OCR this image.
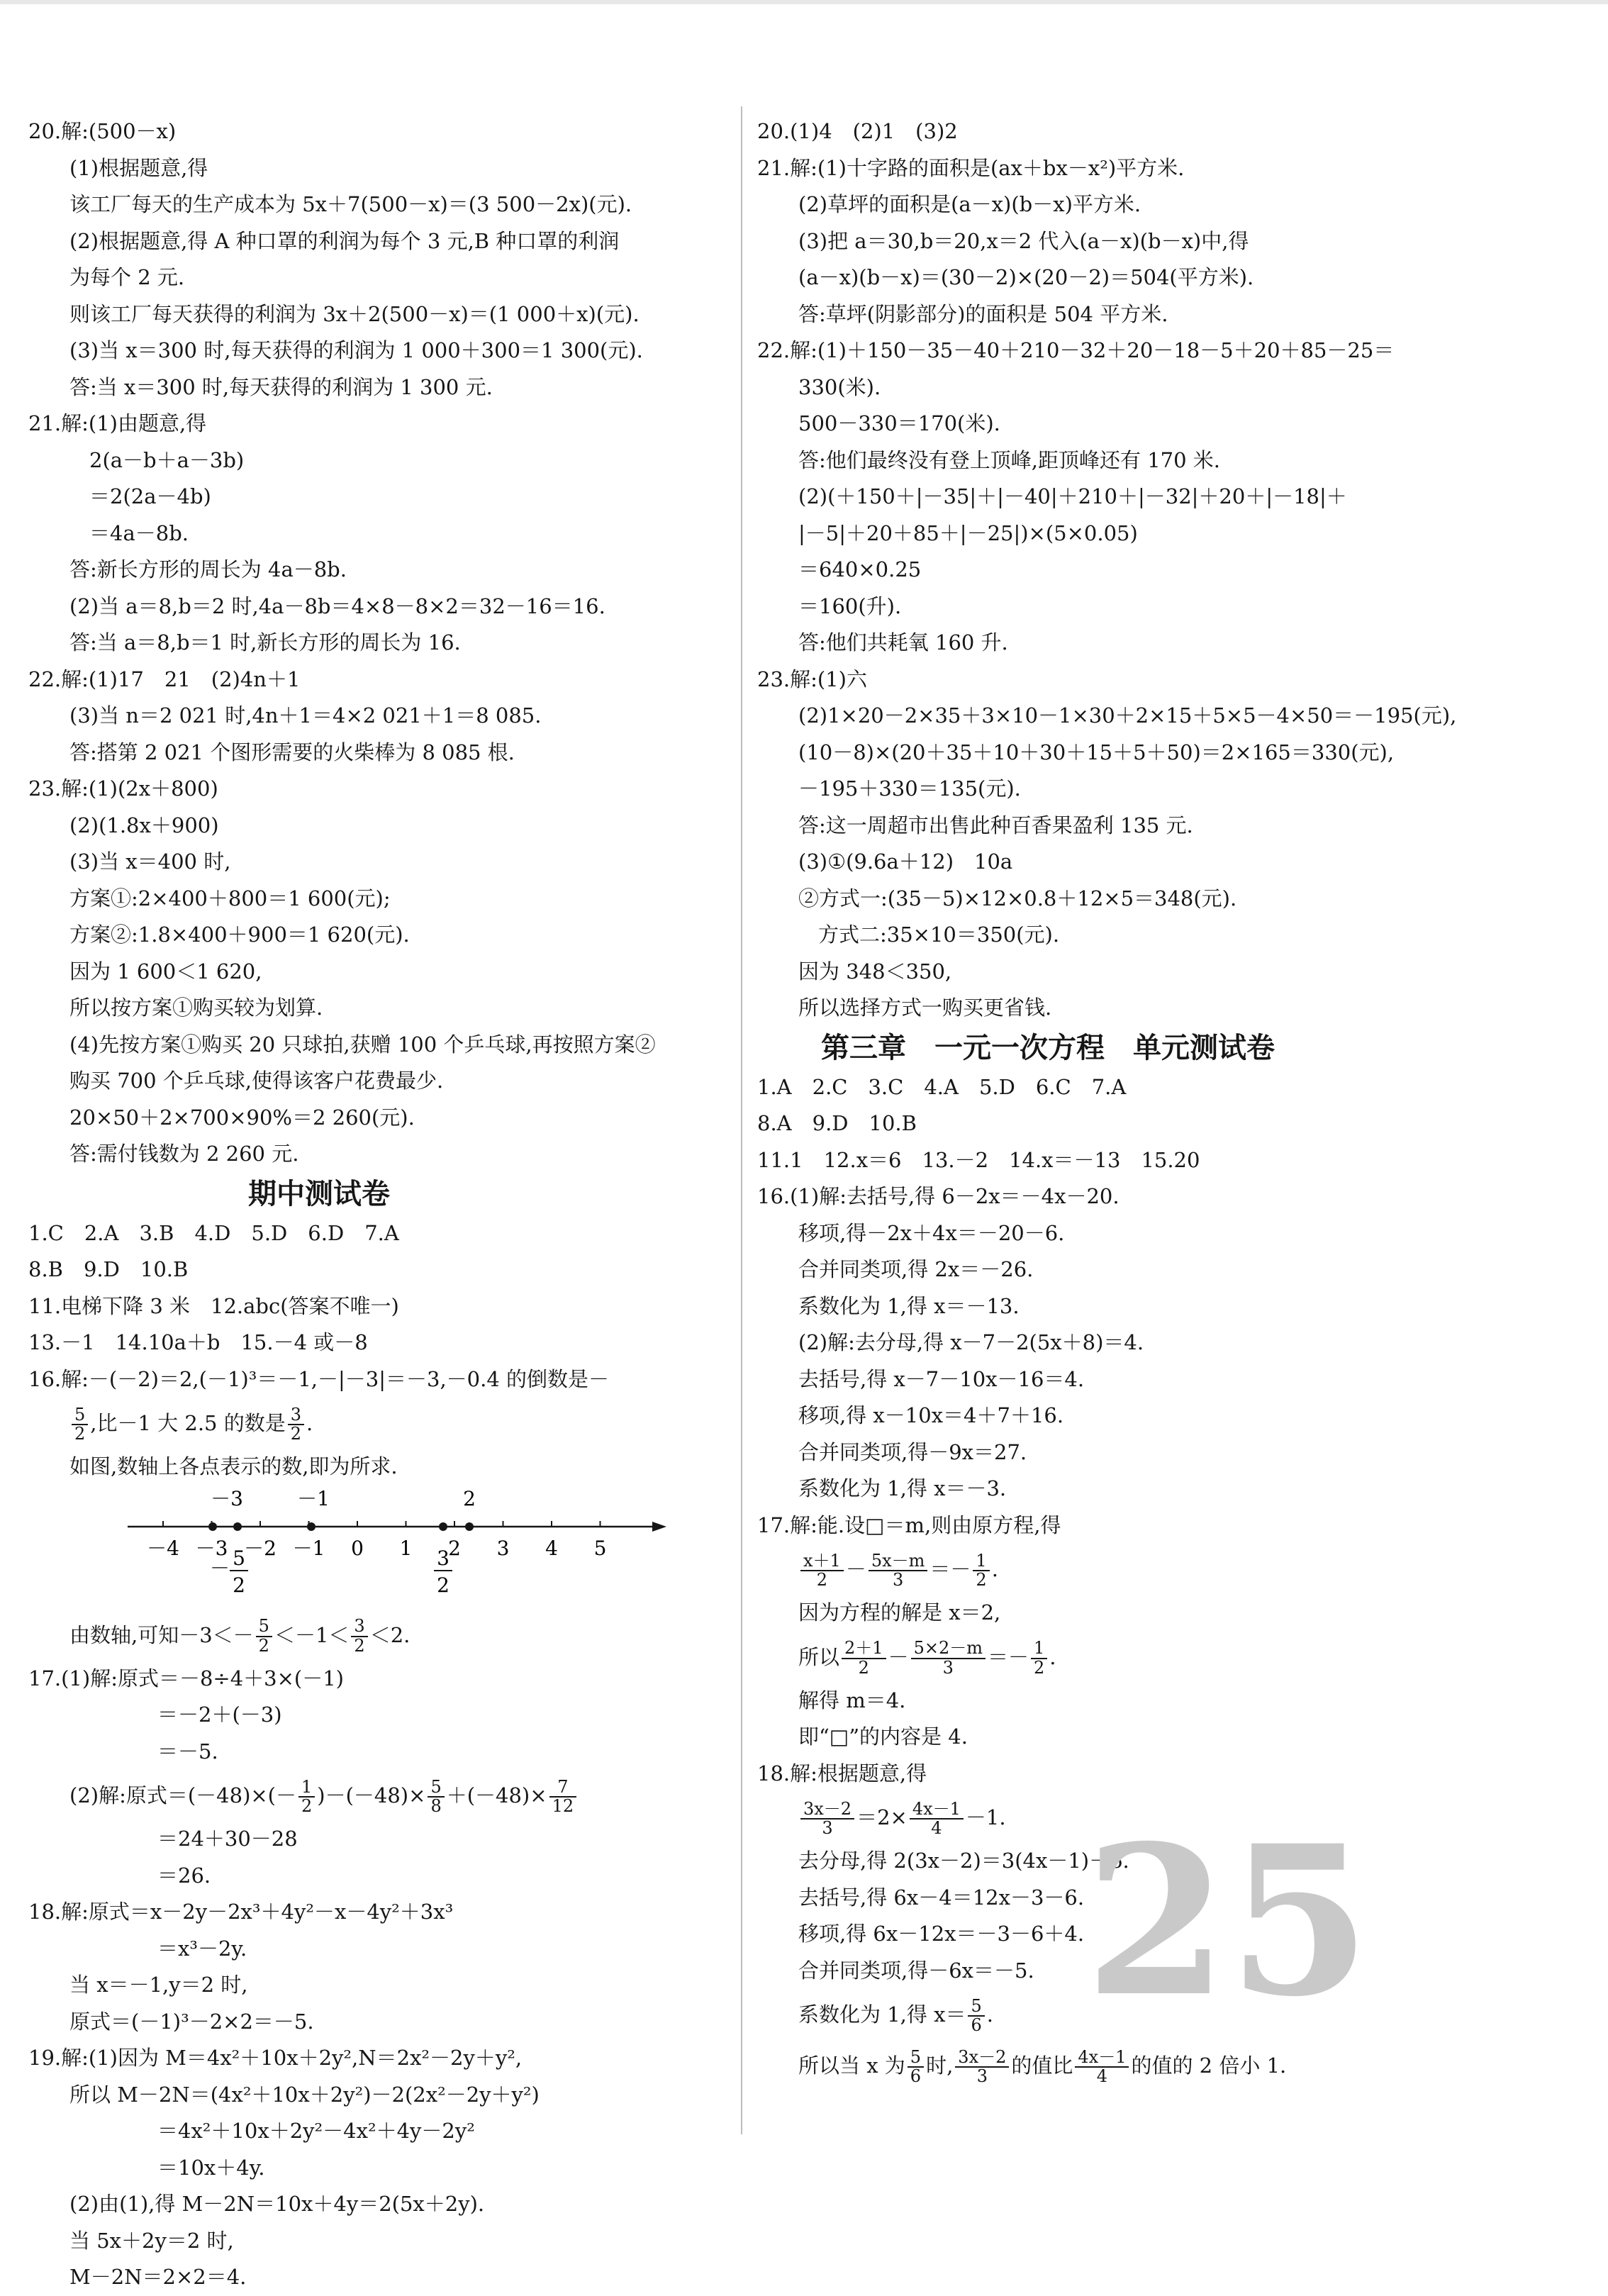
20.解:(500－x)
(1)根据题意,得
该工厂每天的生产成本为 5x＋7(500－x)＝(3 500－2x)(元).
(2)根据题意,得 A 种口罩的利润为每个 3 元,B 种口罩的利润
为每个 2 元.
则该工厂每天获得的利润为 3x＋2(500－x)＝(1 000＋x)(元).
(3)当 x＝300 时,每天获得的利润为 1 000＋300＝1 300(元).
答:当 x＝300 时,每天获得的利润为 1 300 元.
21.解:(1)由题意,得
2(a－b＋a－3b)
＝2(2a－4b)
＝4a－8b.
答:新长方形的周长为 4a－8b.
(2)当 a＝8,b＝2 时,4a－8b＝4×8－8×2＝32－16＝16.
答:当 a＝8,b＝1 时,新长方形的周长为 16.
22.解:(1)17　21　(2)4n＋1
(3)当 n＝2 021 时,4n＋1＝4×2 021＋1＝8 085.
答:搭第 2 021 个图形需要的火柴棒为 8 085 根.
23.解:(1)(2x＋800)
(2)(1.8x＋900)
(3)当 x＝400 时,
方案①:2×400＋800＝1 600(元);
方案②:1.8×400＋900＝1 620(元).
因为 1 600＜1 620,
所以按方案①购买较为划算.
(4)先按方案①购买 20 只球拍,获赠 100 个乒乓球,再按照方案②
购买 700 个乒乓球,使得该客户花费最少.
20×50＋2×700×90%＝2 260(元).
答:需付钱数为 2 260 元.
期中测试卷
1.C　2.A　3.B　4.D　5.D　6.D　7.A
8.B　9.D　10.B
11.电梯下降 3 米　12.abc(答案不唯一)
13.－1　14.10a＋b　15.－4 或－8
16.解:－(－2)＝2,(－1)³＝－1,－|－3|＝－3,－0.4 的倒数是－
$\frac{5}{2}$ ,比－1 大 2.5 的数是 $\frac{3}{2}$ .
如图,数轴上各点表示的数,即为所求.
－4 －3 －2 －1 0 1 2 3 4 5
－3	－1	2
－ 5
2
3
2
由数轴,可知$-3<- \frac{5}{2} <-1< \frac{3}{2} <2$.
17.(1)解:原式＝－8÷4＋3×(－1)
＝－2＋(－3)
＝－5.
(2)解:原式$=(-48)\times(- \frac{1}{2} )-(-48)\times \frac{5}{8} +(-48)\times \frac{7}{12}$
＝24＋30－28
＝26.
18.解:原式＝x－2y－2x³＋4y²－x－4y²＋3x³
＝x³－2y.
当 x＝－1,y＝2 时,
原式＝(－1)³－2×2＝－5.
19.解:(1)因为 M＝4x²＋10x＋2y²,N＝2x²－2y＋y²,
所以 M－2N＝(4x²＋10x＋2y²)－2(2x²－2y＋y²)
＝4x²＋10x＋2y²－4x²＋4y－2y²
＝10x＋4y.
(2)由(1),得 M－2N＝10x＋4y＝2(5x＋2y).
当 5x＋2y＝2 时,
M－2N＝2×2＝4.
20.(1)4　(2)1　(3)2
21.解:(1)十字路的面积是(ax＋bx－x²)平方米.
(2)草坪的面积是(a－x)(b－x)平方米.
(3)把 a＝30,b＝20,x＝2 代入(a－x)(b－x)中,得
(a－x)(b－x)＝(30－2)×(20－2)＝504(平方米).
答:草坪(阴影部分)的面积是 504 平方米.
22.解:(1)＋150－35－40＋210－32＋20－18－5＋20＋85－25＝
330(米).
500－330＝170(米).
答:他们最终没有登上顶峰,距顶峰还有 170 米.
(2)(＋150＋|－35|＋|－40|＋210＋|－32|＋20＋|－18|＋
|－5|＋20＋85＋|－25|)×(5×0.05)
＝640×0.25
＝160(升).
答:他们共耗氧 160 升.
23.解:(1)六
(2)1×20－2×35＋3×10－1×30＋2×15＋5×5－4×50＝－195(元),
(10－8)×(20＋35＋10＋30＋15＋5＋50)＝2×165＝330(元),
－195＋330＝135(元).
答:这一周超市出售此种百香果盈利 135 元.
(3)①(9.6a＋12)　10a
②方式一:(35－5)×12×0.8＋12×5＝348(元).
方式二:35×10＝350(元).
因为 348＜350,
所以选择方式一购买更省钱.
第三章　一元一次方程　单元测试卷
1.A　2.C　3.C　4.A　5.D　6.C　7.A
8.A　9.D　10.B
11.1　12.x＝6　13.－2　14.x＝－13　15.20
16.(1)解:去括号,得 6－2x＝－4x－20.
移项,得－2x＋4x＝－20－6.
合并同类项,得 2x＝－26.
系数化为 1,得 x＝－13.
(2)解:去分母,得 x－7－2(5x＋8)＝4.
去括号,得 x－7－10x－16＝4.
移项,得 x－10x＝4＋7＋16.
合并同类项,得－9x＝27.
系数化为 1,得 x＝－3.
17.解:能.设□＝m,则由原方程,得
$\frac{x+1}{2} - \frac{5x-m}{3} =- \frac{1}{2}$ .
因为方程的解是 x＝2,
所以 $\frac{2+1}{2} - \frac{5\times 2-m}{3} =- \frac{1}{2}$ .
解得 m＝4.
即“□”的内容是 4.
18.解:根据题意,得
$\frac{3x-2}{3} =2\times \frac{4x-1}{4} -1$.
去分母,得 2(3x－2)＝3(4x－1)－6.
去括号,得 6x－4＝12x－3－6.
移项,得 6x－12x＝－3－6＋4.
合并同类项,得－6x＝－5.
系数化为 1,得 $x= \frac{5}{6}$ .
所以当 x 为 $\frac{5}{6}$ 时, $\frac{3x-2}{3}$ 的值比 $\frac{4x-1}{4}$ 的值的 2 倍小 1.
25
